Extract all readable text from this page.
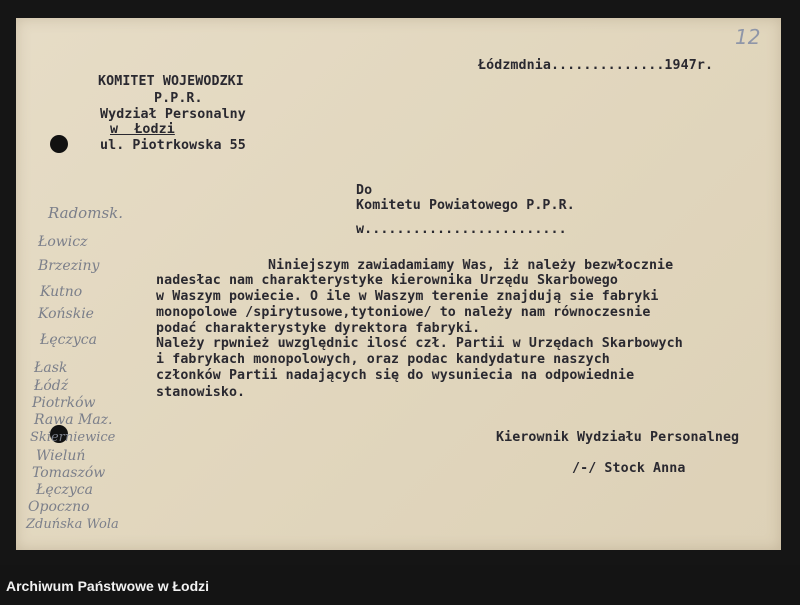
12
KOMITET WOJEWODZKI
P.P.R.
Wydział Personalny
w  Łodzi
ul. Piotrkowska 55
Łódzmdnia..............1947r.
Do
Komitetu Powiatowego P.P.R.
w.........................
Niniejszym zawiadamiamy Was, iż należy bezwłocznie
nadesłac nam charakterystyke kierownika Urzędu Skarbowego
w Waszym powiecie. O ile w Waszym terenie znajdują sie fabryki
monopolowe /spirytusowe,tytoniowe/ to należy nam równoczesnie
podać charakterystyke dyrektora fabryki.
Należy rpwnież uwzględnic ilosć czł. Partii w Urzędach Skarbowych
i fabrykach monopolowych, oraz podac kandydature naszych
członków Partii nadających się do wysuniecia na odpowiednie
stanowisko.
Kierownik Wydziału Personalneg
/-/ Stock Anna
Radomsk.
Łowicz
Brzeziny
Kutno
Końskie
Łęczyca
Łask
Łódź
Piotrków
Rawa Maz.
Skierniewice
Wieluń
Tomaszów
Łęczyca
Opoczno
Zduńska Wola
Archiwum Państwowe w Łodzi
